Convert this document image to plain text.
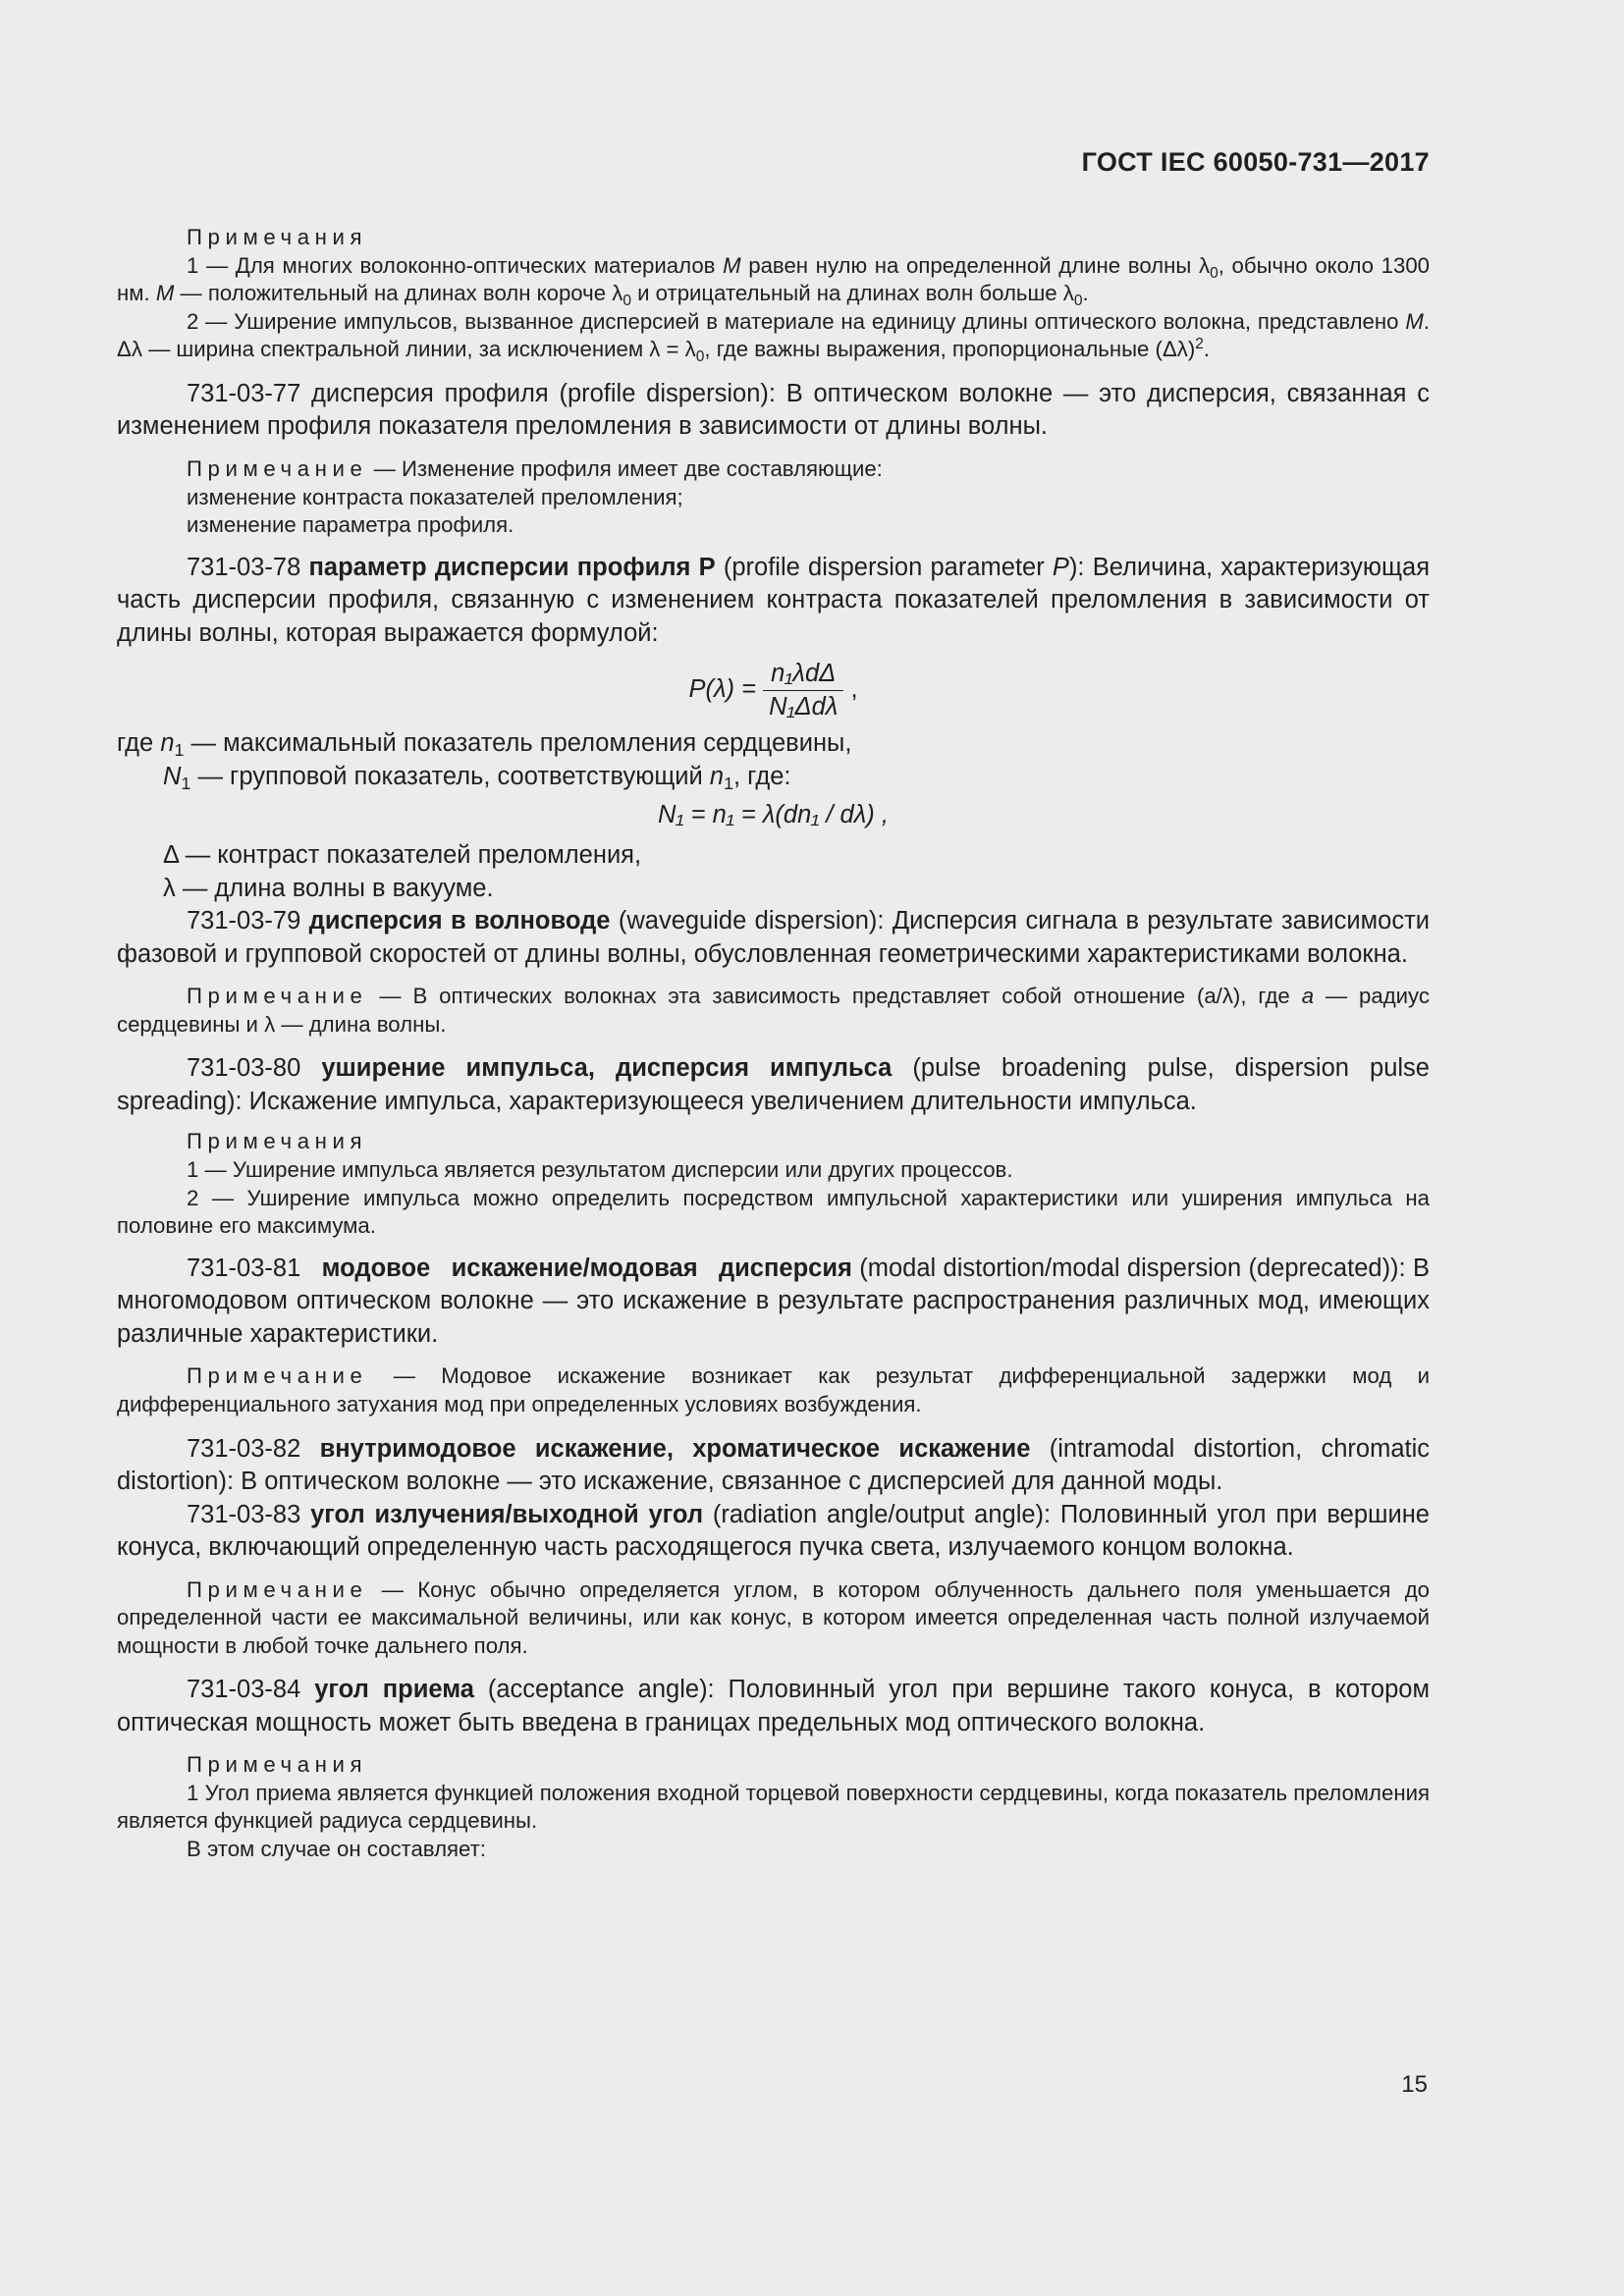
ГОСТ IEC 60050-731—2017

Примечания

1 — Для многих волоконно-оптических материалов M равен нулю на определенной длине волны $\lambda_0$, обычно около 1300 нм. M — положительный на длинах волн короче $\lambda_0$ и отрицательный на длинах волн больше $\lambda_0$.

2 — Уширение импульсов, вызванное дисперсией в материале на единицу длины оптического волокна, представлено M. Δλ — ширина спектральной линии, за исключением $\lambda = \lambda_0$, где важны выражения, пропорциональные $(\Delta\lambda)^2$.

731-03-77 дисперсия профиля (profile dispersion): В оптическом волокне — это дисперсия, связанная с изменением профиля показателя преломления в зависимости от длины волны.

Примечание — Изменение профиля имеет две составляющие:

изменение контраста показателей преломления;

изменение параметра профиля.

731-03-78 параметр дисперсии профиля P (profile dispersion parameter P): Величина, характеризующая часть дисперсии профиля, связанную с изменением контраста показателей преломления в зависимости от длины волны, которая выражается формулой:

$P(\lambda) = \frac{\text{n₁λdΔ}}{\text{N₁Δdλ}}$ ,

где $n_1$ — максимальный показатель преломления сердцевины,

$N_1$ — групповой показатель, соответствующий $n_1$, где:

N₁ = n₁ = λ(dn₁ / dλ) ,

Δ — контраст показателей преломления,

λ — длина волны в вакууме.

731-03-79 дисперсия в волноводе (waveguide dispersion): Дисперсия сигнала в результате зависимости фазовой и групповой скоростей от длины волны, обусловленная геометрическими характеристиками волокна.

Примечание — В оптических волокнах эта зависимость представляет собой отношение (a/λ), где a — радиус сердцевины и λ — длина волны.

731-03-80 уширение импульса, дисперсия импульса (pulse broadening pulse, dispersion pulse spreading): Искажение импульса, характеризующееся увеличением длительности импульса.

Примечания

1 — Уширение импульса является результатом дисперсии или других процессов.

2 — Уширение импульса можно определить посредством импульсной характеристики или уширения импульса на половине его максимума.

731-03-81 модовое искажение/модовая дисперсия (modal distortion/modal dispersion (deprecated)): В многомодовом оптическом волокне — это искажение в результате распространения различных мод, имеющих различные характеристики.

Примечание — Модовое искажение возникает как результат дифференциальной задержки мод и дифференциального затухания мод при определенных условиях возбуждения.

731-03-82 внутримодовое искажение, хроматическое искажение (intramodal distortion, chromatic distortion): В оптическом волокне — это искажение, связанное с дисперсией для данной моды.

731-03-83 угол излучения/выходной угол (radiation angle/output angle): Половинный угол при вершине конуса, включающий определенную часть расходящегося пучка света, излучаемого концом волокна.

Примечание — Конус обычно определяется углом, в котором облученность дальнего поля уменьшается до определенной части ее максимальной величины, или как конус, в котором имеется определенная часть полной излучаемой мощности в любой точке дальнего поля.

731-03-84 угол приема (acceptance angle): Половинный угол при вершине такого конуса, в котором оптическая мощность может быть введена в границах предельных мод оптического волокна.

Примечания

1 Угол приема является функцией положения входной торцевой поверхности сердцевины, когда показатель преломления является функцией радиуса сердцевины.

В этом случае он составляет:

15
